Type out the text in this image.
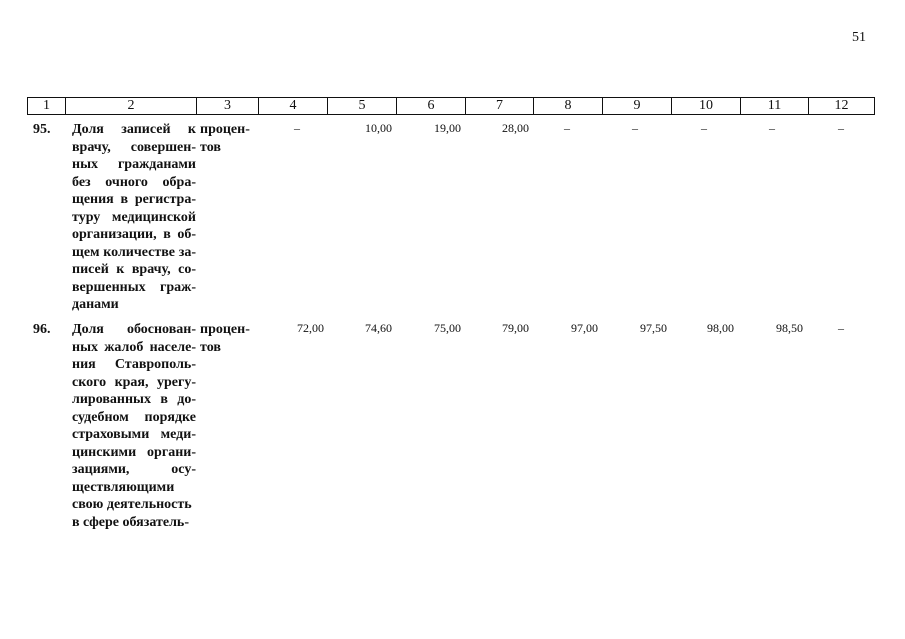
51
1	2	3	4	5	6	7	8	9	10	11	12
95.	Доля записей к
врачу, совершен-
ных гражданами
без очного обра-
щения в регистра-
туру медицинской
организации, в об-
щем количестве за-
писей к врачу, со-
вершенных граж-
данами
процен-
тов
–	10,00	19,00	28,00	–	–	–	–	–
96.	Доля обоснован-
ных жалоб населе-
ния Ставрополь-
ского края, урегу-
лированных в до-
судебном порядке
страховыми меди-
цинскими органи-
зациями, осу-
ществляющими
свою деятельность
в сфере обязатель-
процен-
тов
72,00	74,60	75,00	79,00	97,00	97,50	98,00	98,50	–
